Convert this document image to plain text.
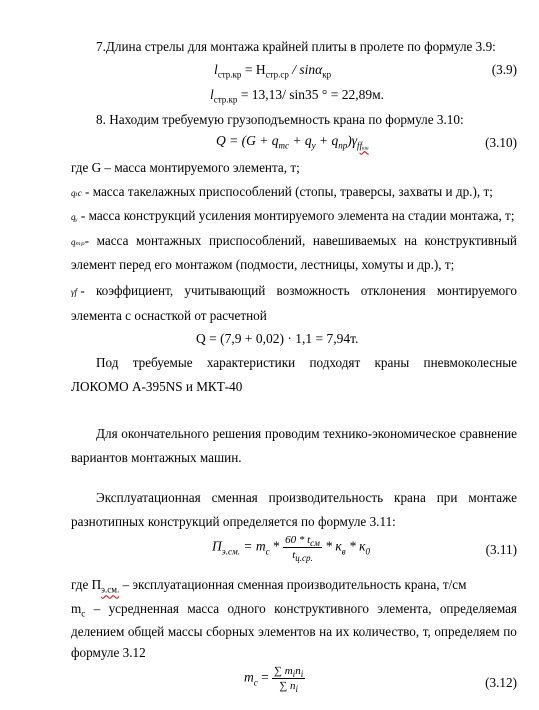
7.Длина стрелы для монтажа крайней плиты в пролете по формуле 3.9:
$l_{стр.кр} = H_{стр.ср} / \sin\alpha_{кр}$	(3.9)
$l_{стр.кр} = 13,13/$ sin35 ° = 22,89м.
8. Находим требуемую грузоподъемность крана по формуле 3.10:
$Q = (G + q_{тс} + q_у + q_{пр})\gamma_{ffᵢᵤᵤ}$	(3.10)
где G – масса монтируемого элемента, т;
qₜс - масса такелажных приспособлений (стопы, траверсы, захваты и др.), т;
qᵧ - масса конструкций усиления монтируемого элемента на стадии монтажа, т;
qₘₚ- масса монтажных приспособлений, навешиваемых на конструктивный
элемент перед его монтажом (подмости, лестницы, хомуты и др.), т;
γf - коэффициент, учитывающий возможность отклонения монтируемого
элемента с оснасткой от расчетной
Q = (7,9 + 0,02) · 1,1 = 7,94т.
Под требуемые характеристики подходят краны пневмоколесные
ЛОКОМО А-395NS и МКТ-40
Для окончательного решения проводим технико-экономическое сравнение
вариантов монтажных машин.
Эксплуатационная сменная производительность крана при монтаже
разнотипных конструкций определяется по формуле 3.11:
$П_{э.см.} = m_c * \frac{60 * t_{см}}{t_{ц.ср.}} * к_в * к_0$	(3.11)
где $П_{э.см.}$ – эксплуатационная сменная производительность крана, т/см
$m_c$ – усредненная масса одного конструктивного элемента, определяемая
делением общей массы сборных элементов на их количество, т, определяем по
формуле 3.12
$m_c = \frac{\sum m_in_i}{\sum n_i}$	(3.12)
